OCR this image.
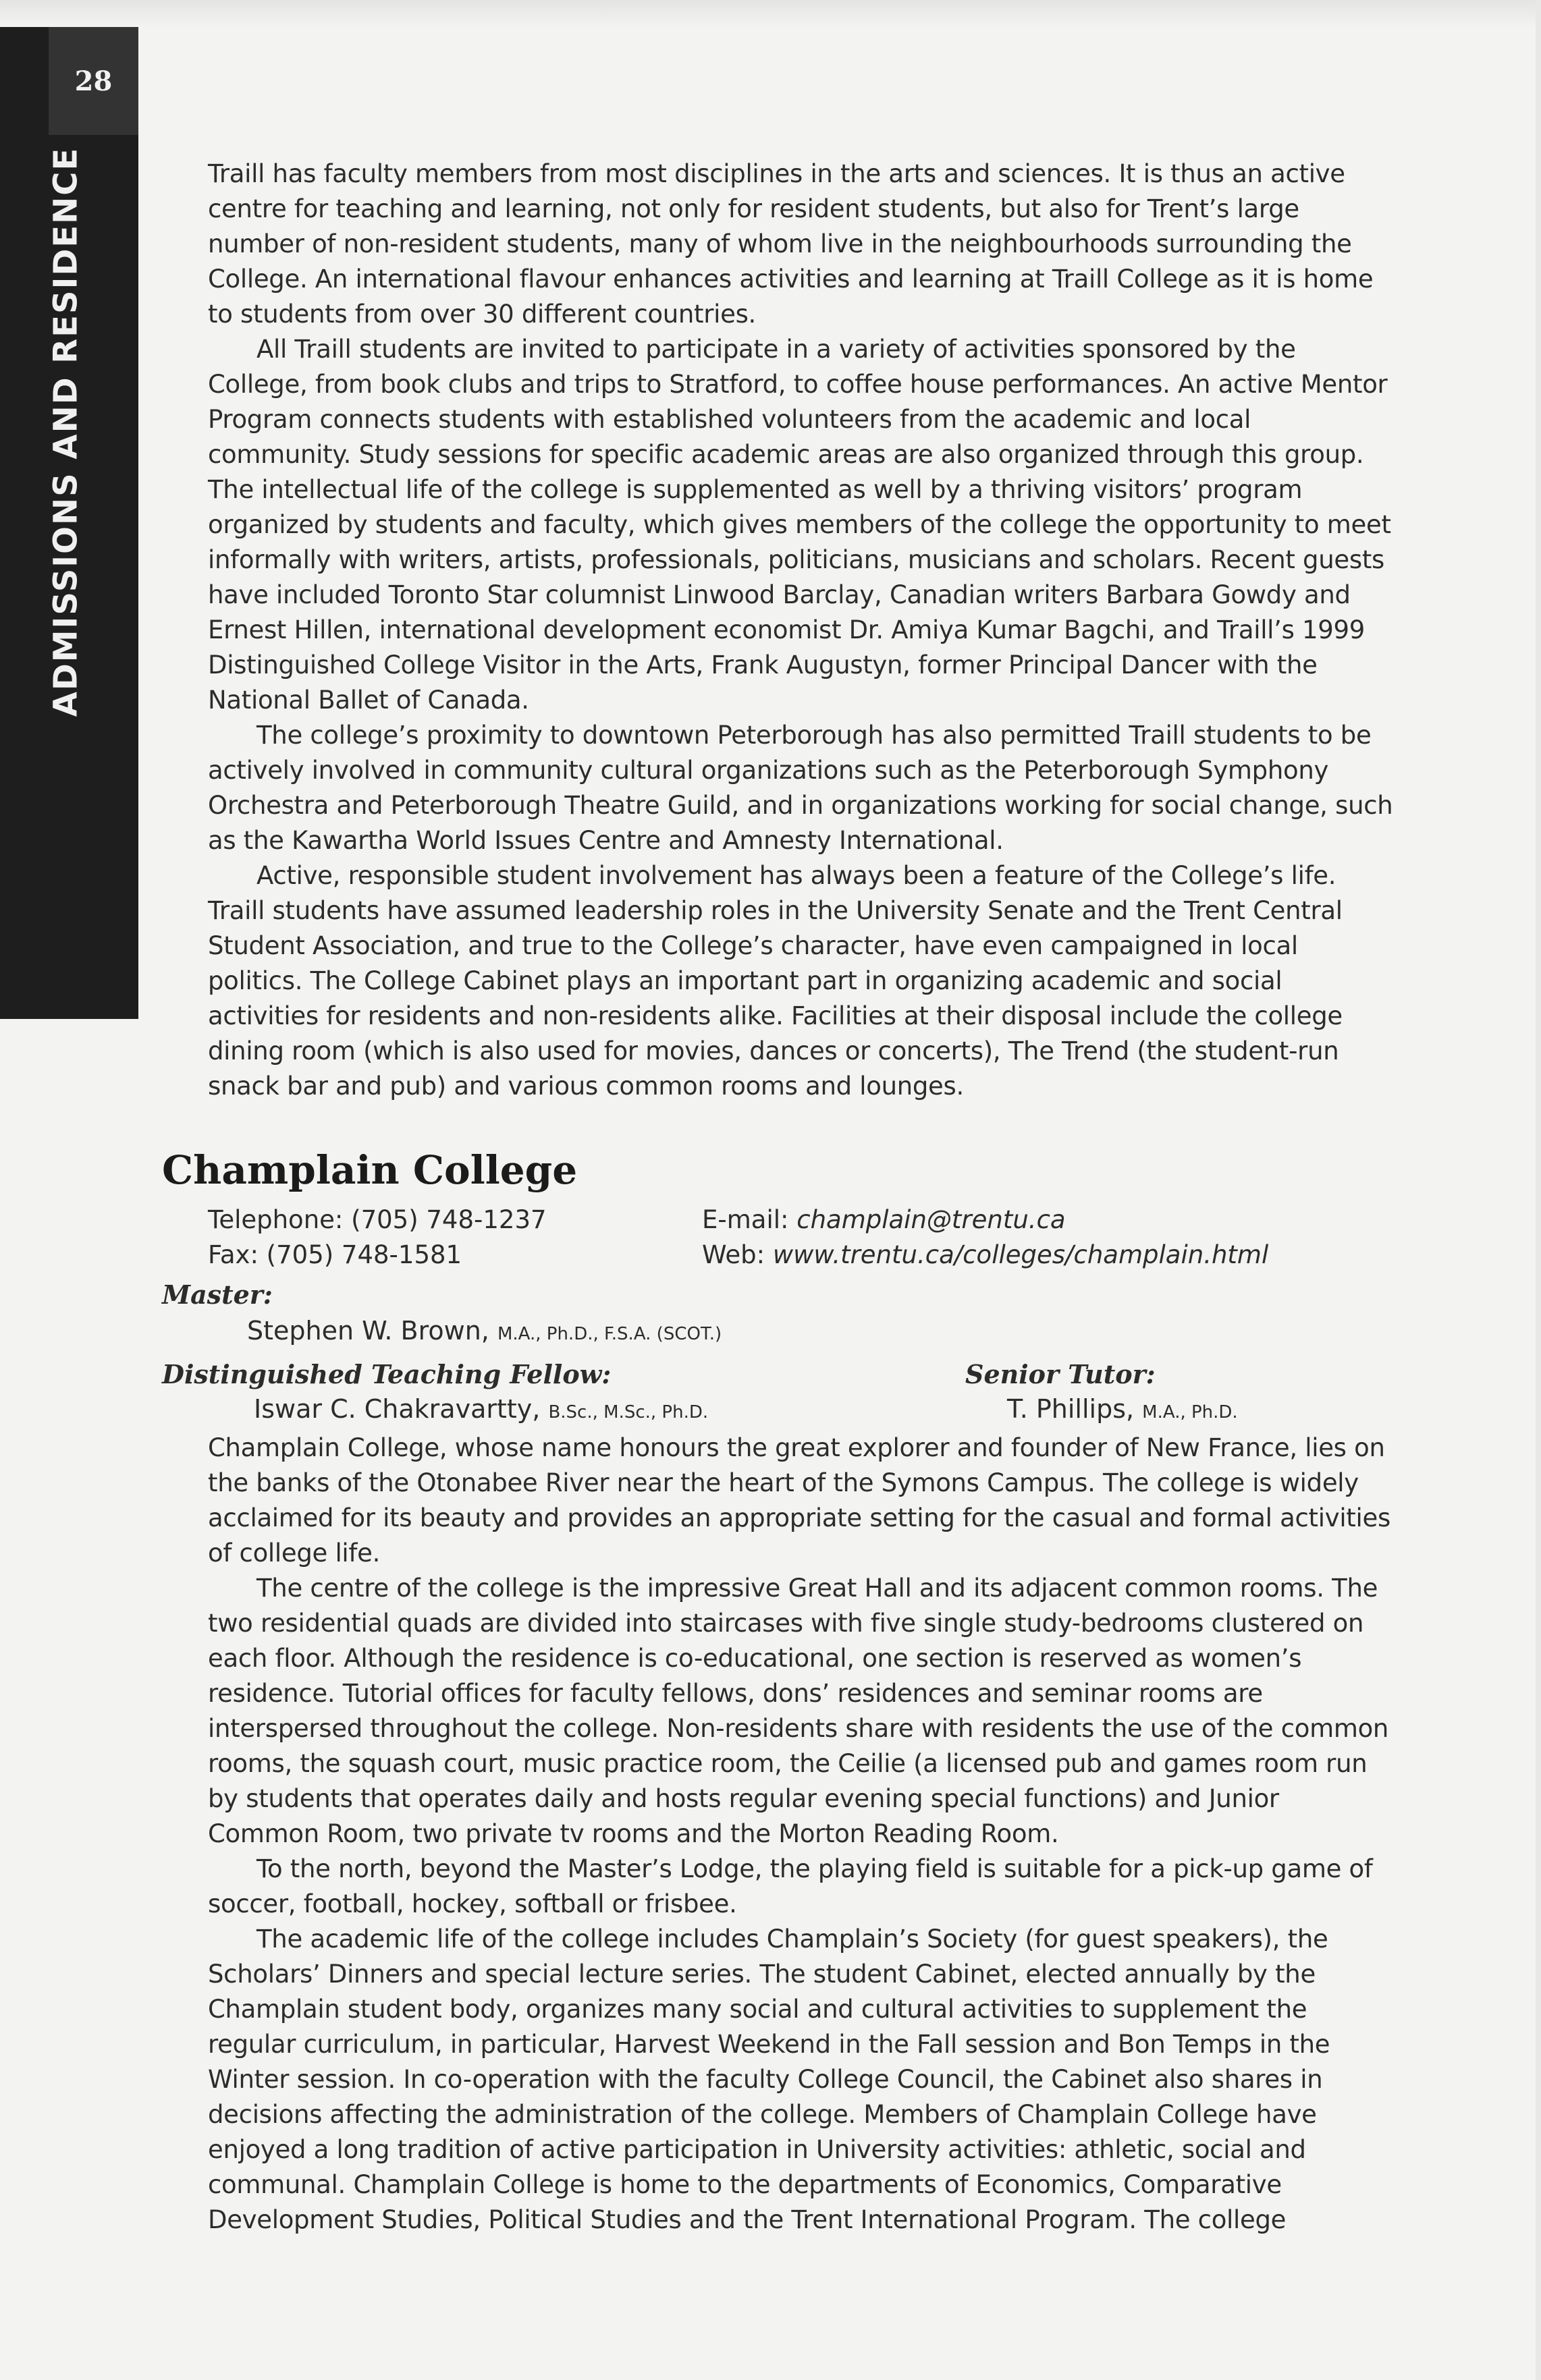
28
ADMISSIONS AND RESIDENCE	Traill has faculty members from most disciplines in the arts and sciences. It is thus an active centre for teaching and learning, not only for resident students, but also for Trent’s large number of non-resident students, many of whom live in the neighbourhoods surrounding the College. An international flavour enhances activities and learning at Traill College as it is home to students from over 30 different countries.

All Traill students are invited to participate in a variety of activities sponsored by the College, from book clubs and trips to Stratford, to coffee house performances. An active Mentor Program connects students with established volunteers from the academic and local community. Study sessions for specific academic areas are also organized through this group. The intellectual life of the college is supplemented as well by a thriving visitors’ program organized by students and faculty, which gives members of the college the opportunity to meet informally with writers, artists, professionals, politicians, musicians and scholars. Recent guests have included Toronto Star columnist Linwood Barclay, Canadian writers Barbara Gowdy and Ernest Hillen, international development economist Dr. Amiya Kumar Bagchi, and Traill’s 1999 Distinguished College Visitor in the Arts, Frank Augustyn, former Principal Dancer with the National Ballet of Canada.

The college’s proximity to downtown Peterborough has also permitted Traill students to be actively involved in community cultural organizations such as the Peterborough Symphony Orchestra and Peterborough Theatre Guild, and in organizations working for social change, such as the Kawartha World Issues Centre and Amnesty International.

Active, responsible student involvement has always been a feature of the College’s life. Traill students have assumed leadership roles in the University Senate and the Trent Central Student Association, and true to the College’s character, have even campaigned in local politics. The College Cabinet plays an important part in organizing academic and social activities for residents and non-residents alike. Facilities at their disposal include the college dining room (which is also used for movies, dances or concerts), The Trend (the student-run snack bar and pub) and various common rooms and lounges.

Champlain College
Telephone: (705) 748-1237
Fax: (705) 748-1581
E-mail: champlain@trentu.ca
Web: www.trentu.ca/colleges/champlain.html
Master:
Stephen W. Brown, M.A., Ph.D., F.S.A. (SCOT.)
Distinguished Teaching Fellow:
Iswar C. Chakravartty, B.Sc., M.Sc., Ph.D.
Senior Tutor:
T. Phillips, M.A., Ph.D.

Champlain College, whose name honours the great explorer and founder of New France, lies on the banks of the Otonabee River near the heart of the Symons Campus. The college is widely acclaimed for its beauty and provides an appropriate setting for the casual and formal activities of college life.

The centre of the college is the impressive Great Hall and its adjacent common rooms. The two residential quads are divided into staircases with five single study-bedrooms clustered on each floor. Although the residence is co-educational, one section is reserved as women’s residence. Tutorial offices for faculty fellows, dons’ residences and seminar rooms are interspersed throughout the college. Non-residents share with residents the use of the common rooms, the squash court, music practice room, the Ceilie (a licensed pub and games room run by students that operates daily and hosts regular evening special functions) and Junior Common Room, two private tv rooms and the Morton Reading Room.

To the north, beyond the Master’s Lodge, the playing field is suitable for a pick-up game of soccer, football, hockey, softball or frisbee.

The academic life of the college includes Champlain’s Society (for guest speakers), the Scholars’ Dinners and special lecture series. The student Cabinet, elected annually by the Champlain student body, organizes many social and cultural activities to supplement the regular curriculum, in particular, Harvest Weekend in the Fall session and Bon Temps in the Winter session. In co-operation with the faculty College Council, the Cabinet also shares in decisions affecting the administration of the college. Members of Champlain College have enjoyed a long tradition of active participation in University activities: athletic, social and communal. Champlain College is home to the departments of Economics, Comparative Development Studies, Political Studies and the Trent International Program. The college
